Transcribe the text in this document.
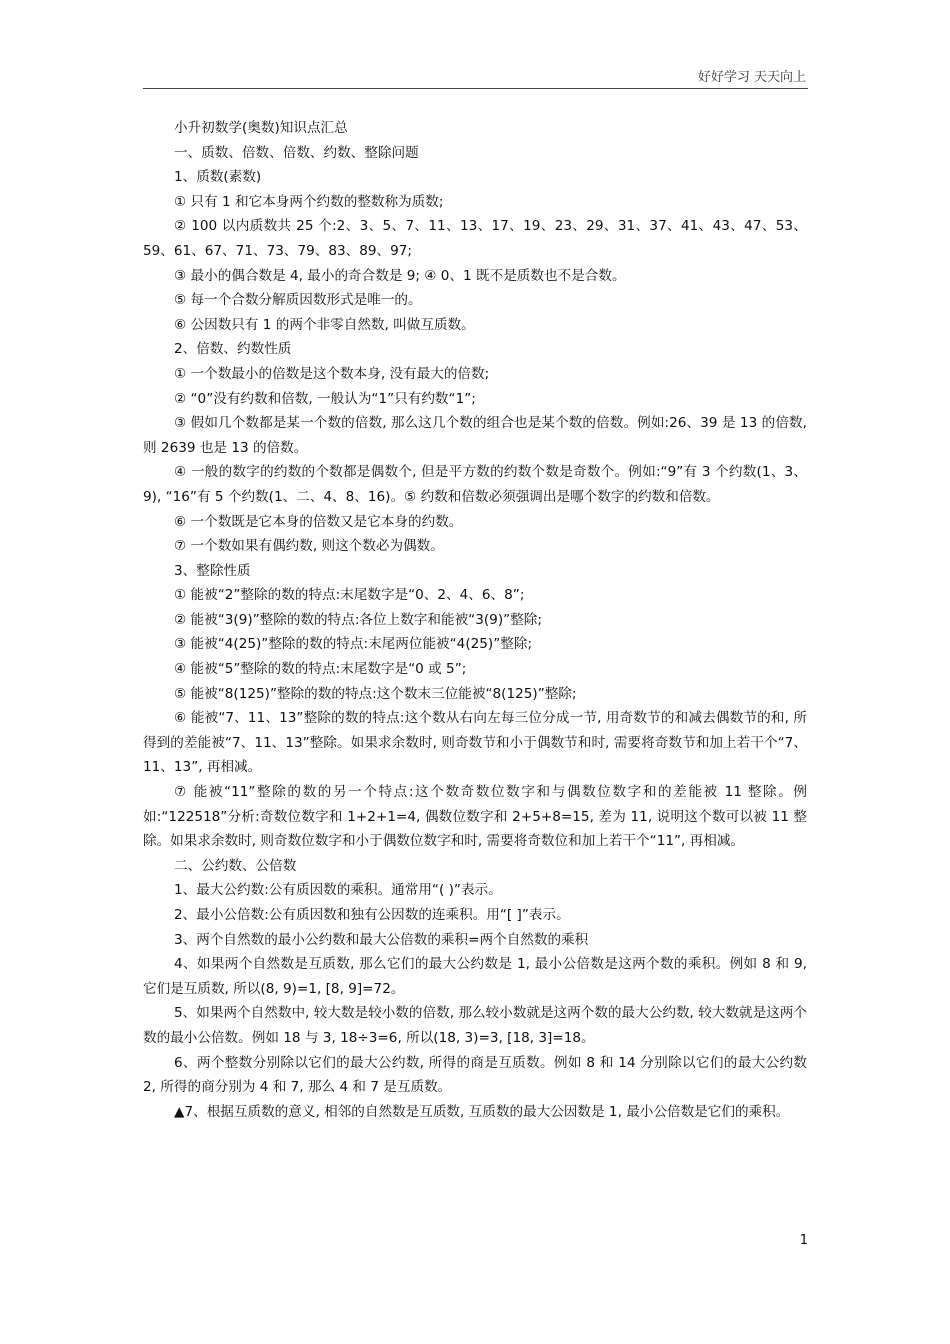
好好学习 天天向上

小升初数学(奥数)知识点汇总

一、质数、倍数、倍数、约数、整除问题

1、质数(素数)

① 只有 1 和它本身两个约数的整数称为质数;

② 100 以内质数共 25 个:2、3、5、7、11、13、17、19、23、29、31、37、41、43、47、53、59、61、67、71、73、79、83、89、97;

③ 最小的偶合数是 4, 最小的奇合数是 9; ④ 0、1 既不是质数也不是合数。

⑤ 每一个合数分解质因数形式是唯一的。

⑥ 公因数只有 1 的两个非零自然数, 叫做互质数。

2、倍数、约数性质

① 一个数最小的倍数是这个数本身, 没有最大的倍数;

② “0”没有约数和倍数, 一般认为“1”只有约数“1”;

③ 假如几个数都是某一个数的倍数, 那么这几个数的组合也是某个数的倍数。例如:26、39 是 13 的倍数, 则 2639 也是 13 的倍数。

④ 一般的数字的约数的个数都是偶数个, 但是平方数的约数个数是奇数个。例如:“9”有 3 个约数(1、3、9), “16”有 5 个约数(1、二、4、8、16)。⑤ 约数和倍数必须强调出是哪个数字的约数和倍数。

⑥ 一个数既是它本身的倍数又是它本身的约数。

⑦ 一个数如果有偶约数, 则这个数必为偶数。

3、整除性质

① 能被“2”整除的数的特点:末尾数字是“0、2、4、6、8”;

② 能被“3(9)”整除的数的特点:各位上数字和能被“3(9)”整除;

③ 能被“4(25)”整除的数的特点:末尾两位能被“4(25)”整除;

④ 能被“5”整除的数的特点:末尾数字是“0 或 5”;

⑤ 能被“8(125)”整除的数的特点:这个数末三位能被“8(125)”整除;

⑥ 能被“7、11、13”整除的数的特点:这个数从右向左每三位分成一节, 用奇数节的和减去偶数节的和, 所得到的差能被“7、11、13”整除。如果求余数时, 则奇数节和小于偶数节和时, 需要将奇数节和加上若干个“7、11、13”, 再相减。

⑦ 能被“11”整除的数的另一个特点:这个数奇数位数字和与偶数位数字和的差能被 11 整除。例如:“122518”分析:奇数位数字和 1+2+1=4, 偶数位数字和 2+5+8=15, 差为 11, 说明这个数可以被 11 整除。如果求余数时, 则奇数位数字和小于偶数位数字和时, 需要将奇数位和加上若干个“11”, 再相减。

二、公约数、公倍数

1、最大公约数:公有质因数的乘积。通常用“( )”表示。

2、最小公倍数:公有质因数和独有公因数的连乘积。用“[ ]”表示。

3、两个自然数的最小公约数和最大公倍数的乘积=两个自然数的乘积

4、如果两个自然数是互质数, 那么它们的最大公约数是 1, 最小公倍数是这两个数的乘积。例如 8 和 9, 它们是互质数, 所以(8, 9)=1, [8, 9]=72。

5、如果两个自然数中, 较大数是较小数的倍数, 那么较小数就是这两个数的最大公约数, 较大数就是这两个数的最小公倍数。例如 18 与 3, 18÷3=6, 所以(18, 3)=3, [18, 3]=18。

6、两个整数分别除以它们的最大公约数, 所得的商是互质数。例如 8 和 14 分别除以它们的最大公约数 2, 所得的商分别为 4 和 7, 那么 4 和 7 是互质数。

▲7、根据互质数的意义, 相邻的自然数是互质数, 互质数的最大公因数是 1, 最小公倍数是它们的乘积。

1
